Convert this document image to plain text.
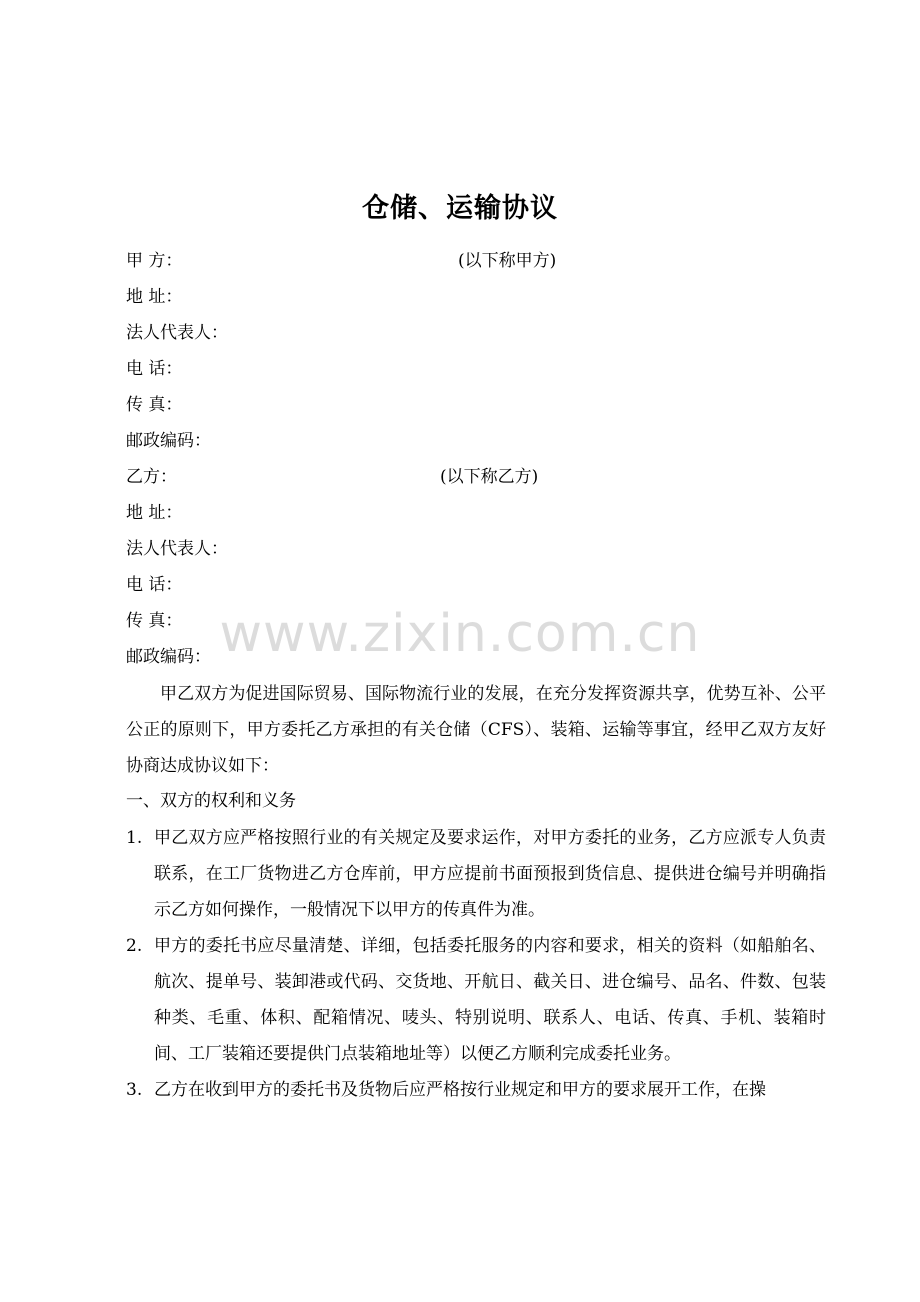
仓储、运输协议
甲 方：	(以下称甲方)
地 址：
法人代表人：
电 话：
传 真：
邮政编码：
乙方：	(以下称乙方)
地 址：
法人代表人：
电 话：
传 真：
邮政编码：
甲乙双方为促进国际贸易、国际物流行业的发展，在充分发挥资源共享，优势互补、公平公正的原则下，甲方委托乙方承担的有关仓储（CFS）、装箱、运输等事宜，经甲乙双方友好协商达成协议如下：
一、双方的权利和义务
1. 甲乙双方应严格按照行业的有关规定及要求运作，对甲方委托的业务，乙方应派专人负责联系，在工厂货物进乙方仓库前，甲方应提前书面预报到货信息、提供进仓编号并明确指示乙方如何操作，一般情况下以甲方的传真件为准。
2. 甲方的委托书应尽量清楚、详细，包括委托服务的内容和要求，相关的资料（如船舶名、航次、提单号、装卸港或代码、交货地、开航日、截关日、进仓编号、品名、件数、包装种类、毛重、体积、配箱情况、唛头、特别说明、联系人、电话、传真、手机、装箱时间、工厂装箱还要提供门点装箱地址等）以便乙方顺利完成委托业务。
3. 乙方在收到甲方的委托书及货物后应严格按行业规定和甲方的要求展开工作，在操
www.zixin.com.cn
